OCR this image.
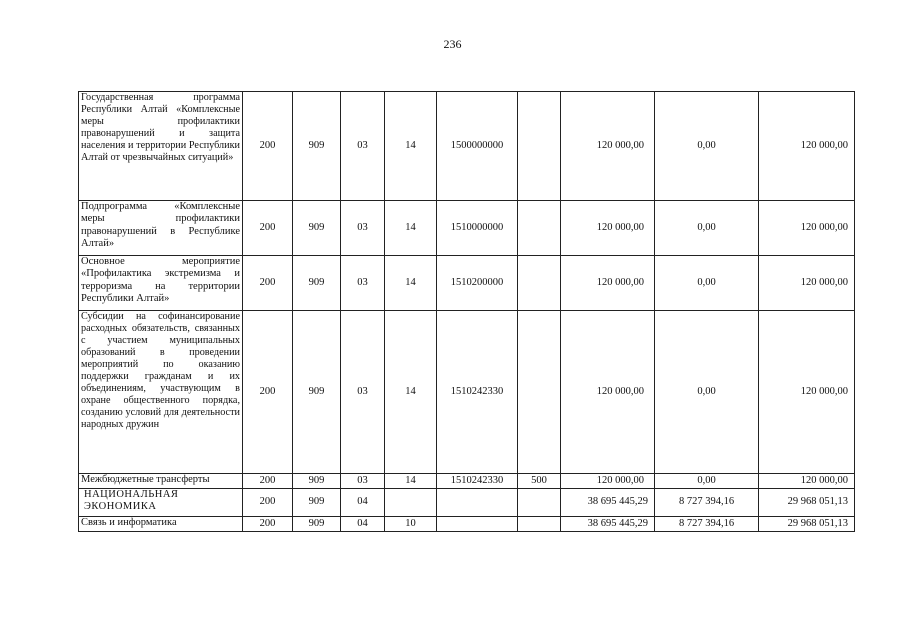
236
Государственная программа Республики Алтай «Комплексные меры профилактики правонарушений и защита населения и территории Республики Алтай от чрезвычайных ситуаций»	200	909	03	14	1500000000		120 000,00	0,00	120 000,00
Подпрограмма «Комплексные меры профилактики правонарушений в Республике Алтай»	200	909	03	14	1510000000		120 000,00	0,00	120 000,00
Основное мероприятие «Профилактика экстремизма и терроризма на территории Республики Алтай»	200	909	03	14	1510200000		120 000,00	0,00	120 000,00
Субсидии на софинансирование расходных обязательств, связанных с участием муниципальных образований в проведении мероприятий по оказанию поддержки гражданам и их объединениям, участвующим в охране общественного порядка, созданию условий для деятельности народных дружин	200	909	03	14	1510242330		120 000,00	0,00	120 000,00
Межбюджетные трансферты	200	909	03	14	1510242330	500	120 000,00	0,00	120 000,00
НАЦИОНАЛЬНАЯ ЭКОНОМИКА	200	909	04				38 695 445,29	8 727 394,16	29 968 051,13
Связь и информатика	200	909	04	10			38 695 445,29	8 727 394,16	29 968 051,13
